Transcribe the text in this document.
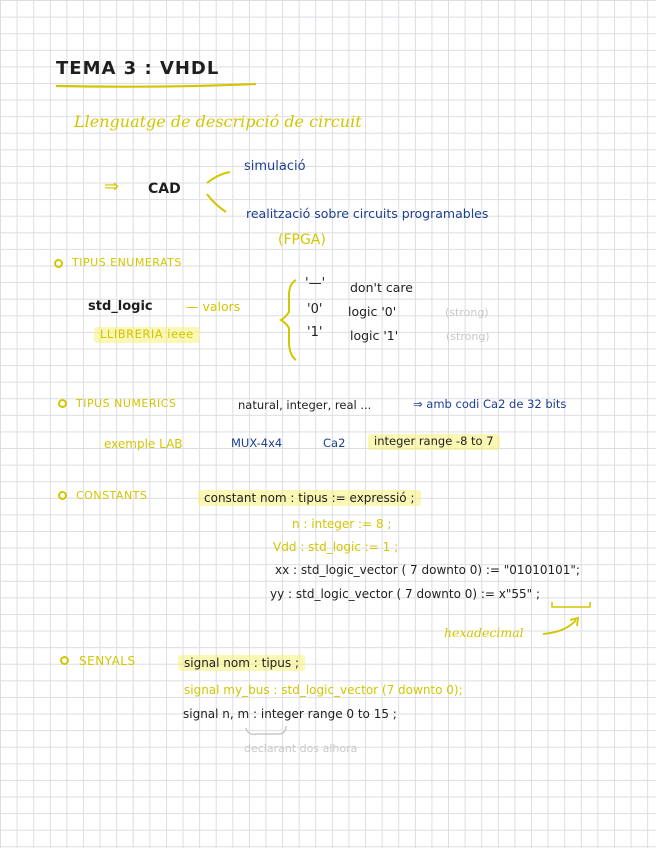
TEMA 3 : VHDL
Llenguatge de descripció de circuit
⇒ CAD
simulació
realització sobre circuits programables
(FPGA)
TIPUS ENUMERATS
std_logic	— valors
LLIBRERIA ieee
'—' don't care
'0' logic '0'	(strong)
'1' logic '1'	(strong)
TIPUS NUMERICS	natural, integer, real ...	⇒ amb codi Ca2 de 32 bits
exemple LAB	MUX-4x4	Ca2	integer range -8 to 7
CONSTANTS	constant nom : tipus := expressió ;
n : integer := 8 ;
Vdd : std_logic := 1 ;
xx : std_logic_vector ( 7 downto 0) := "01010101";
yy : std_logic_vector ( 7 downto 0) := x"55" ;
hexadecimal
SENYALS	signal nom : tipus ;
signal my_bus : std_logic_vector (7 downto 0);
signal n, m : integer range 0 to 15 ;
declarant dos alhora
